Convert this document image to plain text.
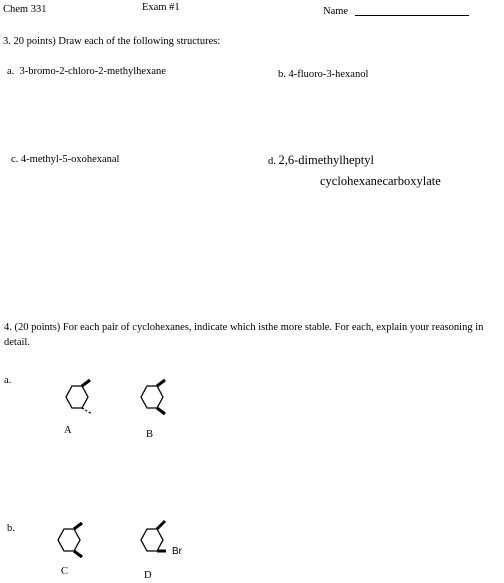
Chem 331	Exam #1	Name
3. 20 points) Draw each of the following structures:
a. 3-bromo-2-chloro-2-methylhexane	b. 4-fluoro-3-hexanol
c. 4-methyl-5-oxohexanal	d. 2,6-dimethylheptyl
cyclohexanecarboxylate
4. (20 points) For each pair of cyclohexanes, indicate which isthe more stable. For each, explain your reasoning in detail.
a.
A	B
b.
C
Br
D
